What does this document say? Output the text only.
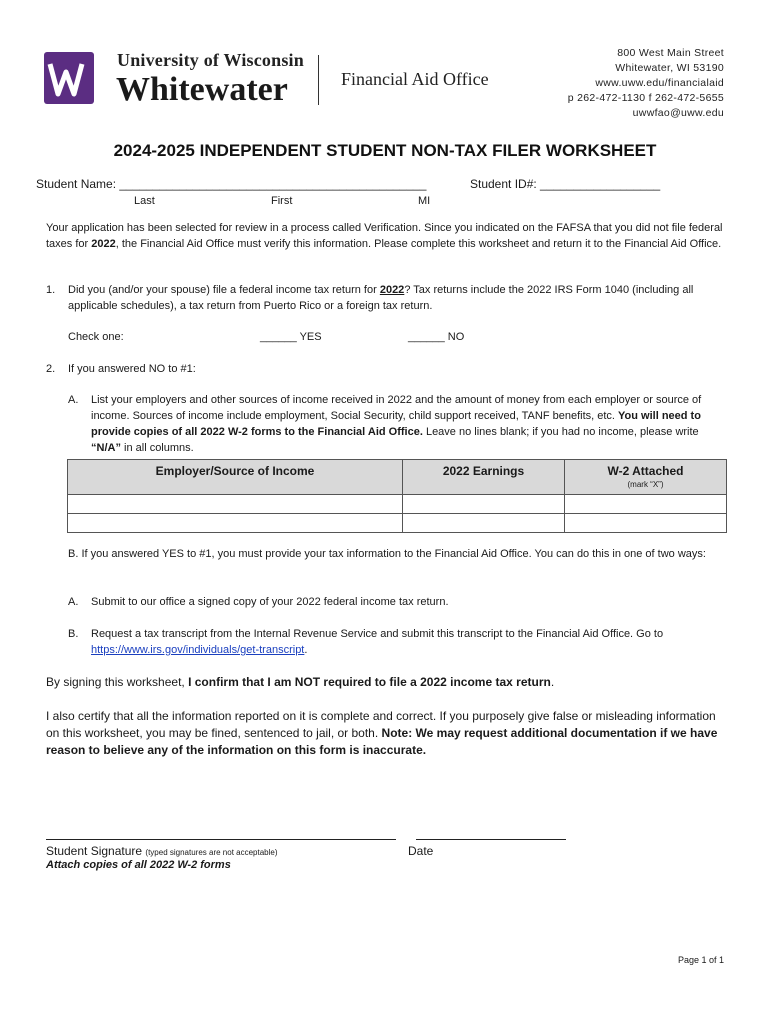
University of Wisconsin
Whitewater	Financial Aid Office
800 West Main Street
Whitewater, WI 53190
www.uww.edu/financialaid
p 262-472-1130 f 262-472-5655
uwwfao@uww.edu
2024-2025 INDEPENDENT STUDENT NON-TAX FILER WORKSHEET
Student Name: ______________________________________________	Student ID#: __________________
Last	First	MI
Your application has been selected for review in a process called Verification. Since you indicated on the FAFSA that you did not file federal taxes for 2022, the Financial Aid Office must verify this information. Please complete this worksheet and return it to the Financial Aid Office.
1. Did you (and/or your spouse) file a federal income tax return for 2022? Tax returns include the 2022 IRS Form 1040 (including all applicable schedules), a tax return from Puerto Rico or a foreign tax return.
Check one:	______ YES	______ NO
2. If you answered NO to #1:
A. List your employers and other sources of income received in 2022 and the amount of money from each employer or source of income. Sources of income include employment, Social Security, child support received, TANF benefits, etc. You will need to provide copies of all 2022 W-2 forms to the Financial Aid Office. Leave no lines blank; if you had no income, please write “N/A” in all columns.
Employer/Source of Income	2022 Earnings	W-2 Attached
(mark “X”)

B. If you answered YES to #1, you must provide your tax information to the Financial Aid Office. You can do this in one of two ways:
A. Submit to our office a signed copy of your 2022 federal income tax return.
B. Request a tax transcript from the Internal Revenue Service and submit this transcript to the Financial Aid Office. Go to https://www.irs.gov/individuals/get-transcript.
By signing this worksheet, I confirm that I am NOT required to file a 2022 income tax return.
I also certify that all the information reported on it is complete and correct. If you purposely give false or misleading information on this worksheet, you may be fined, sentenced to jail, or both. Note: We may request additional documentation if we have reason to believe any of the information on this form is inaccurate.
Student Signature (typed signatures are not acceptable)	Date
Attach copies of all 2022 W-2 forms
Page 1 of 1
